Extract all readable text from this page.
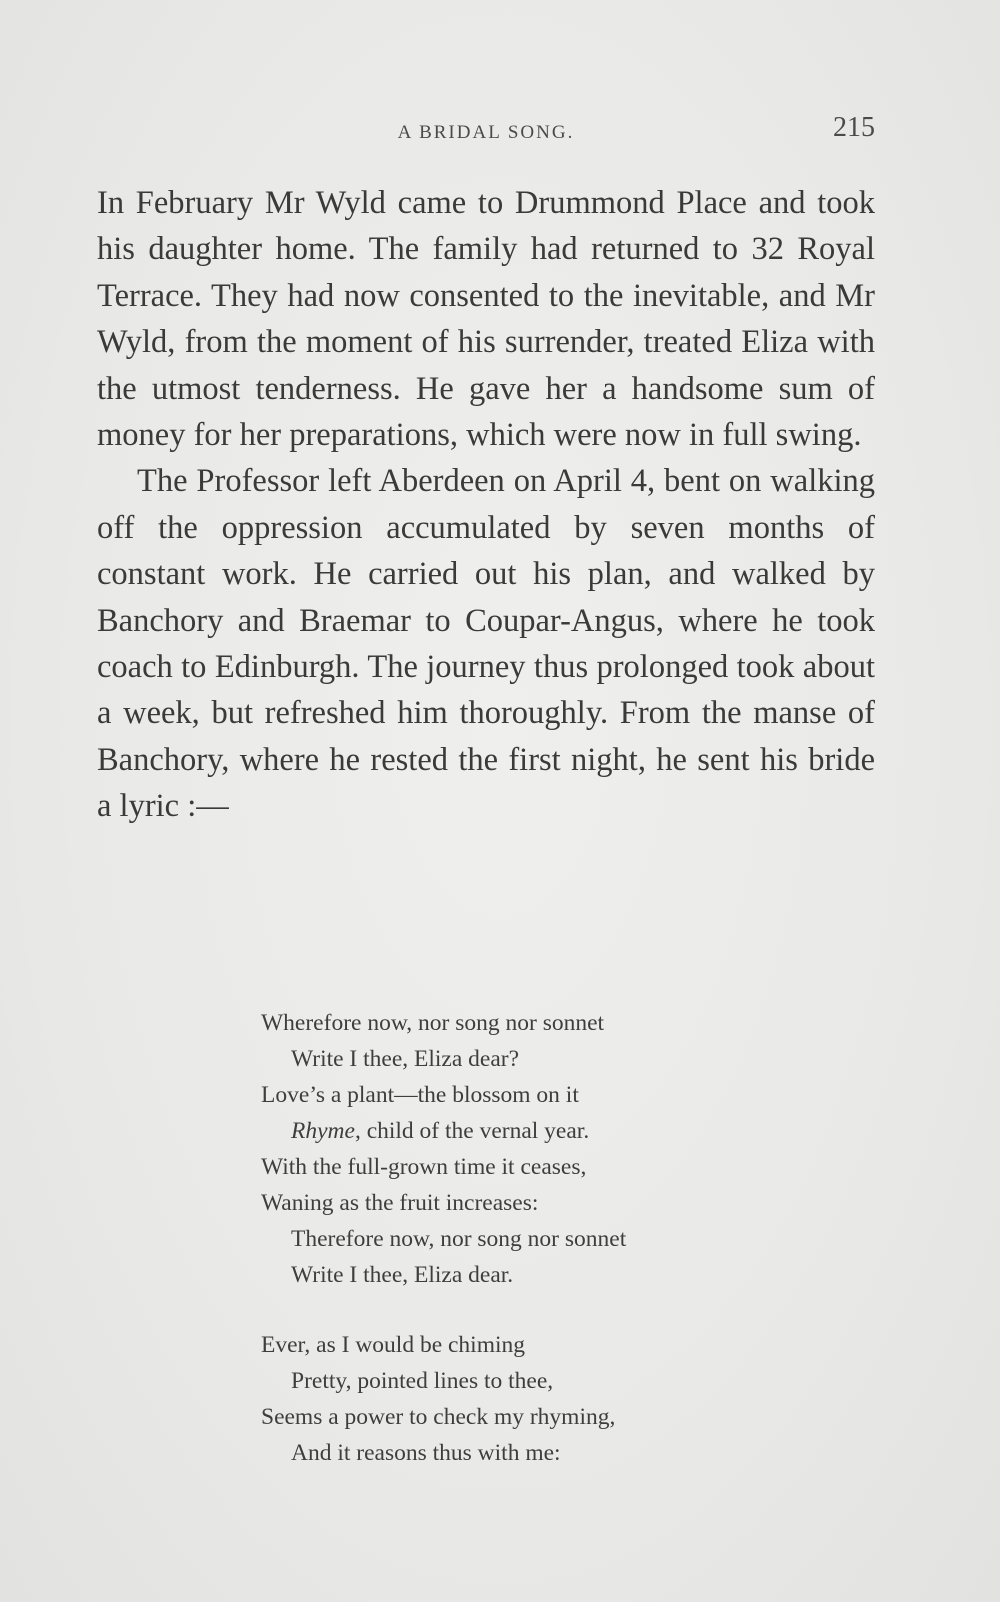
A BRIDAL SONG.	215

In February Mr Wyld came to Drummond Place and took his daughter home. The family had returned to 32 Royal Terrace. They had now consented to the inevitable, and Mr Wyld, from the moment of his surrender, treated Eliza with the utmost tenderness. He gave her a handsome sum of money for her preparations, which were now in full swing.

The Professor left Aberdeen on April 4, bent on walking off the oppression accumulated by seven months of constant work. He carried out his plan, and walked by Banchory and Braemar to Coupar-Angus, where he took coach to Edinburgh. The journey thus prolonged took about a week, but refreshed him thoroughly. From the manse of Banchory, where he rested the first night, he sent his bride a lyric :—

Wherefore now, nor song nor sonnet
Write I thee, Eliza dear?
Love’s a plant—the blossom on it
Rhyme, child of the vernal year.
With the full-grown time it ceases,
Waning as the fruit increases:
Therefore now, nor song nor sonnet
Write I thee, Eliza dear.
Ever, as I would be chiming
Pretty, pointed lines to thee,
Seems a power to check my rhyming,
And it reasons thus with me:
